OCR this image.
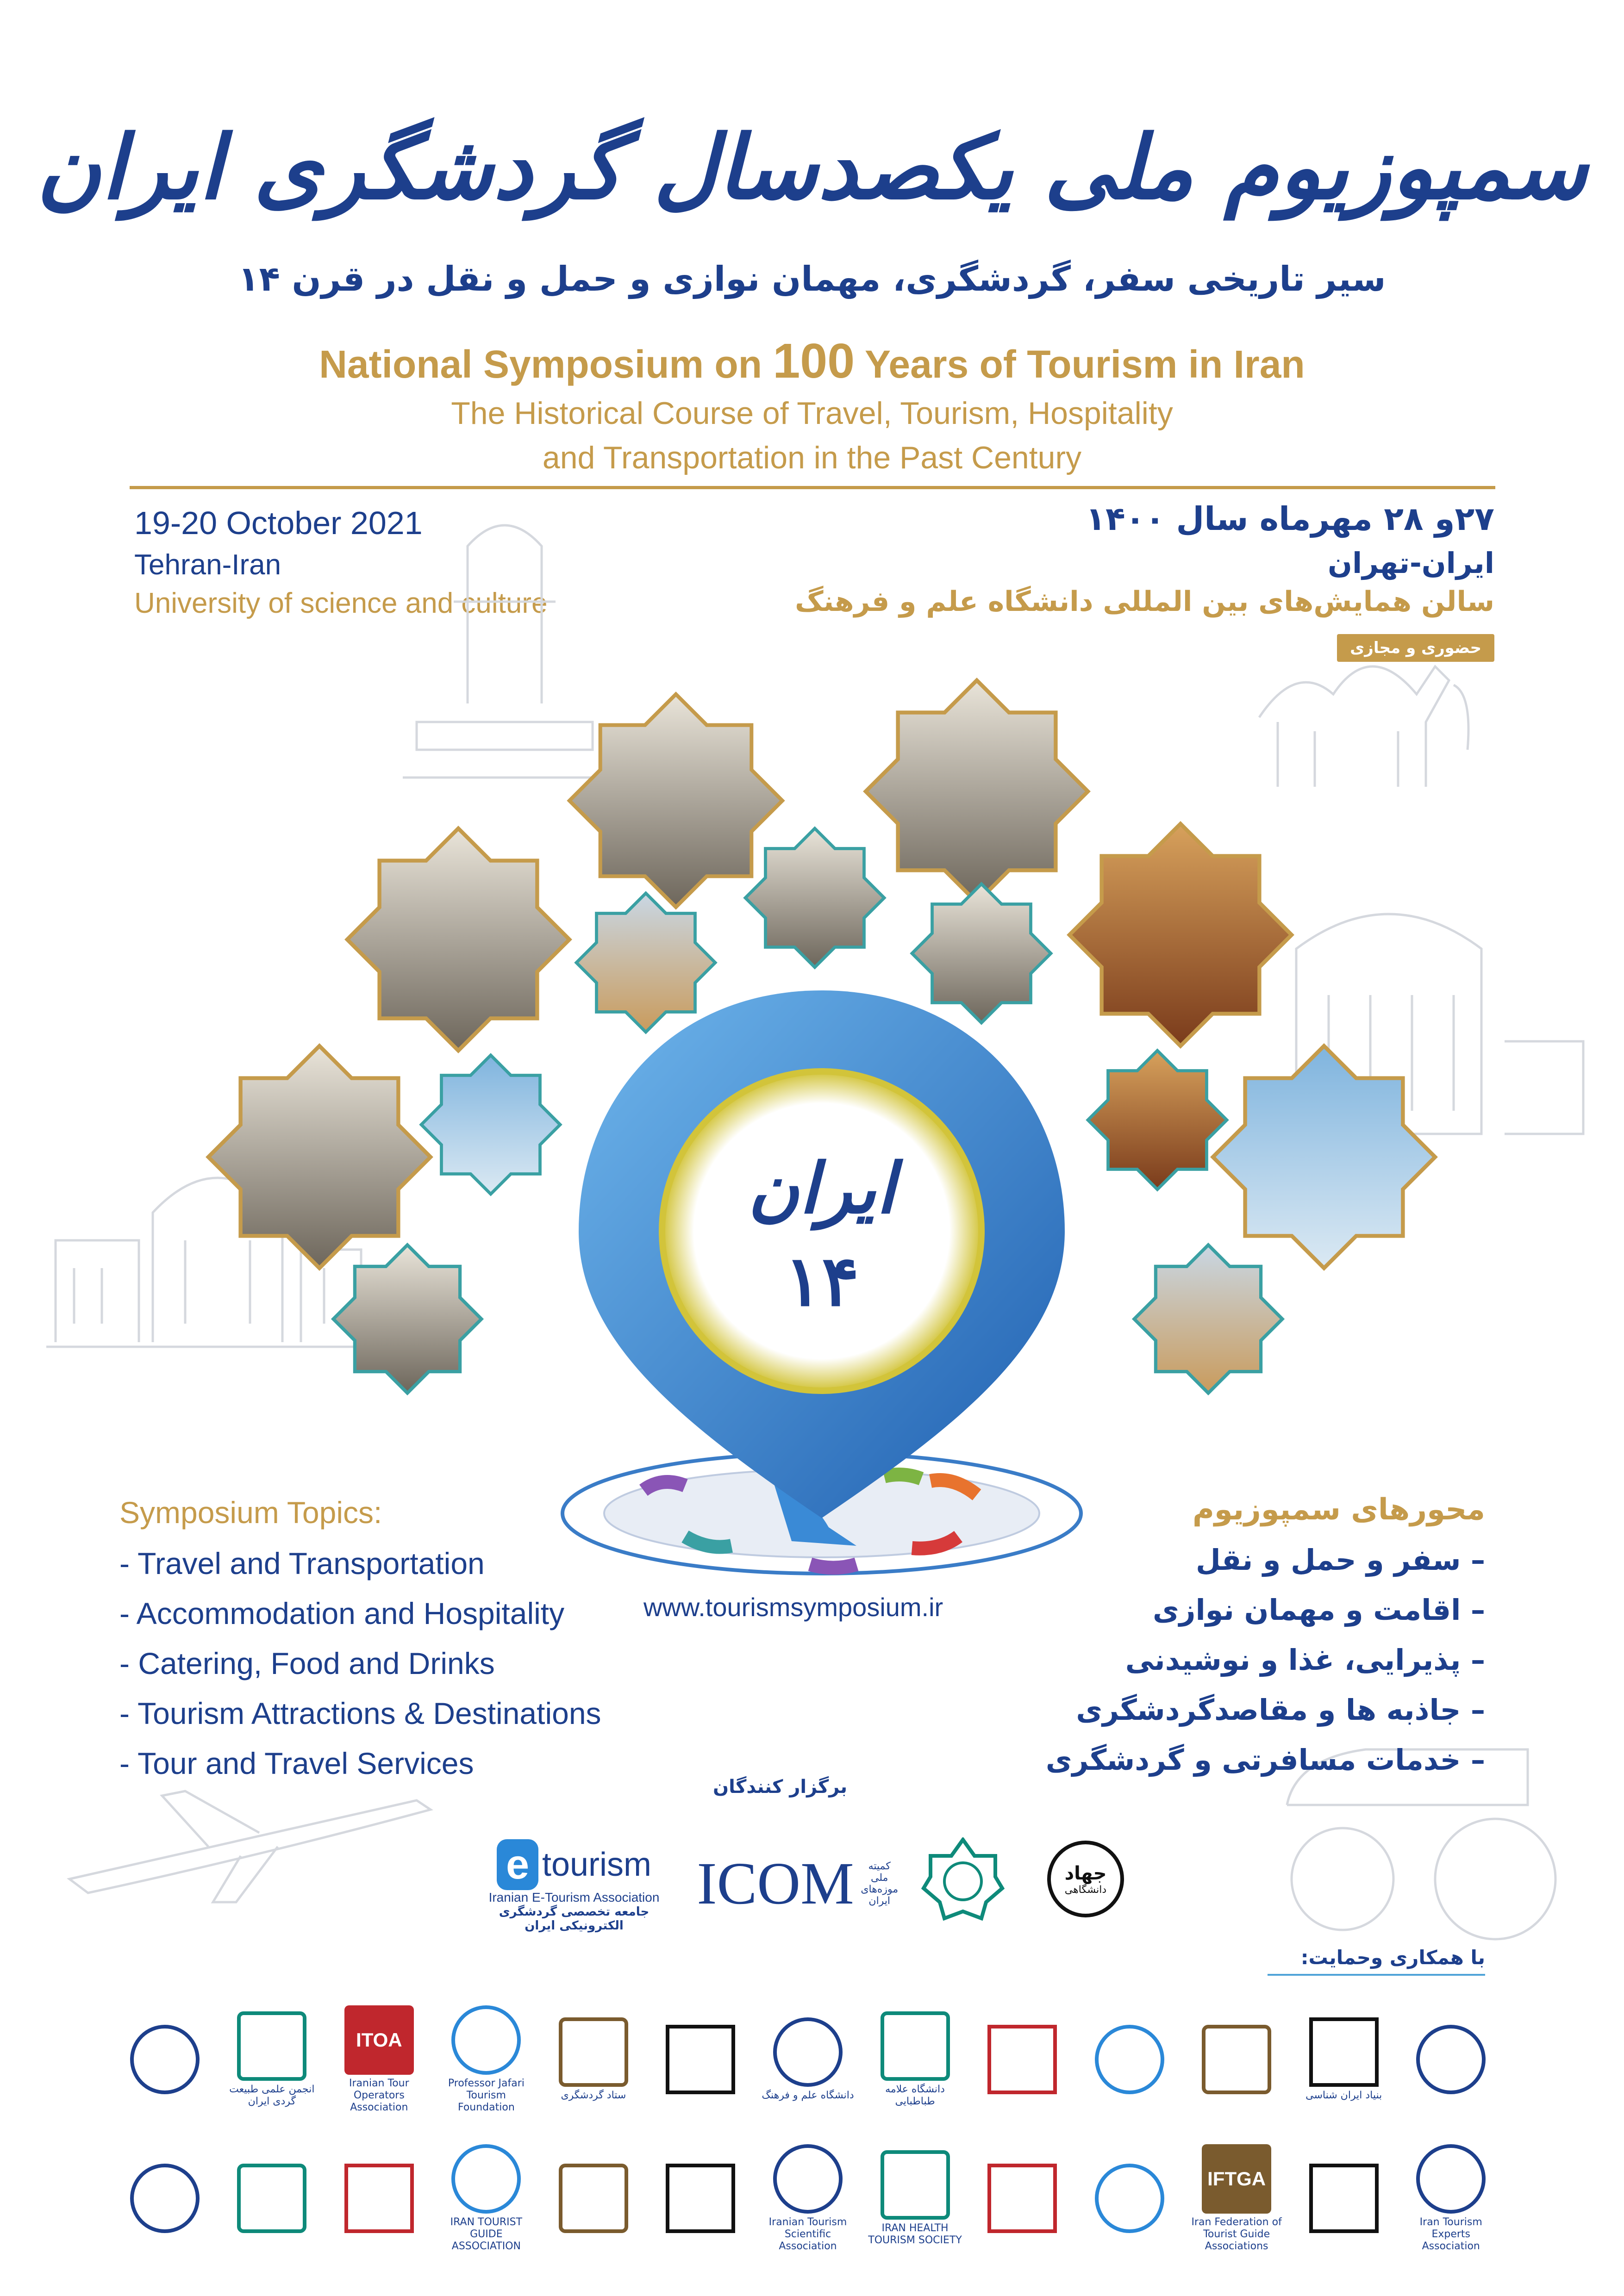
سمپوزیوم ملی یکصدسال گردشگری ایران
سیر تاریخی سفر، گردشگری، مهمان نوازی و حمل و نقل در قرن ۱۴
National Symposium on 100 Years of Tourism in Iran
The Historical Course of Travel, Tourism, Hospitality
and Transportation in the Past Century
19-20 October 2021
Tehran-Iran
University of science and culture
۲۷و ۲۸ مهرماه سال ۱۴۰۰
ایران-تهران
سالن همایش‌های بین المللی دانشگاه علم و فرهنگ
حضوری و مجازی
ایران
۱۴
Symposium Topics:
- Travel and Transportation
- Accommodation and Hospitality
- Catering, Food and Drinks
- Tourism Attractions & Destinations
- Tour and Travel Services
محورهای سمپوزیوم
– سفر و حمل و نقل
– اقامت و مهمان نوازی
– پذیرایی، غذا و نوشیدنی
– جاذبه ها و مقاصدگردشگری
– خدمات مسافرتی و گردشگری
www.tourismsymposium.ir
برگزار کنندگان
e tourism
Iranian E-Tourism Association
جامعه تخصصی گردشگری الکترونیکی ایران
ICOM	کمیته ملی موزه‌های ایران
جهاد
دانشگاهی
با همکاری وحمایت:
انجمن علمی طبیعت گردی ایران
ITOA
Iranian Tour Operators Association
Professor Jafari Tourism Foundation
ستاد گردشگری	دانشگاه علم و فرهنگ
دانشگاه علامه طباطبایی
بنیاد ایران شناسی
IRAN TOURIST GUIDE ASSOCIATION
Iranian Tourism Scientific Association
IRAN HEALTH TOURISM SOCIETY
IFTGA
Iran Federation of Tourist Guide Associations
Iran Tourism Experts Association
